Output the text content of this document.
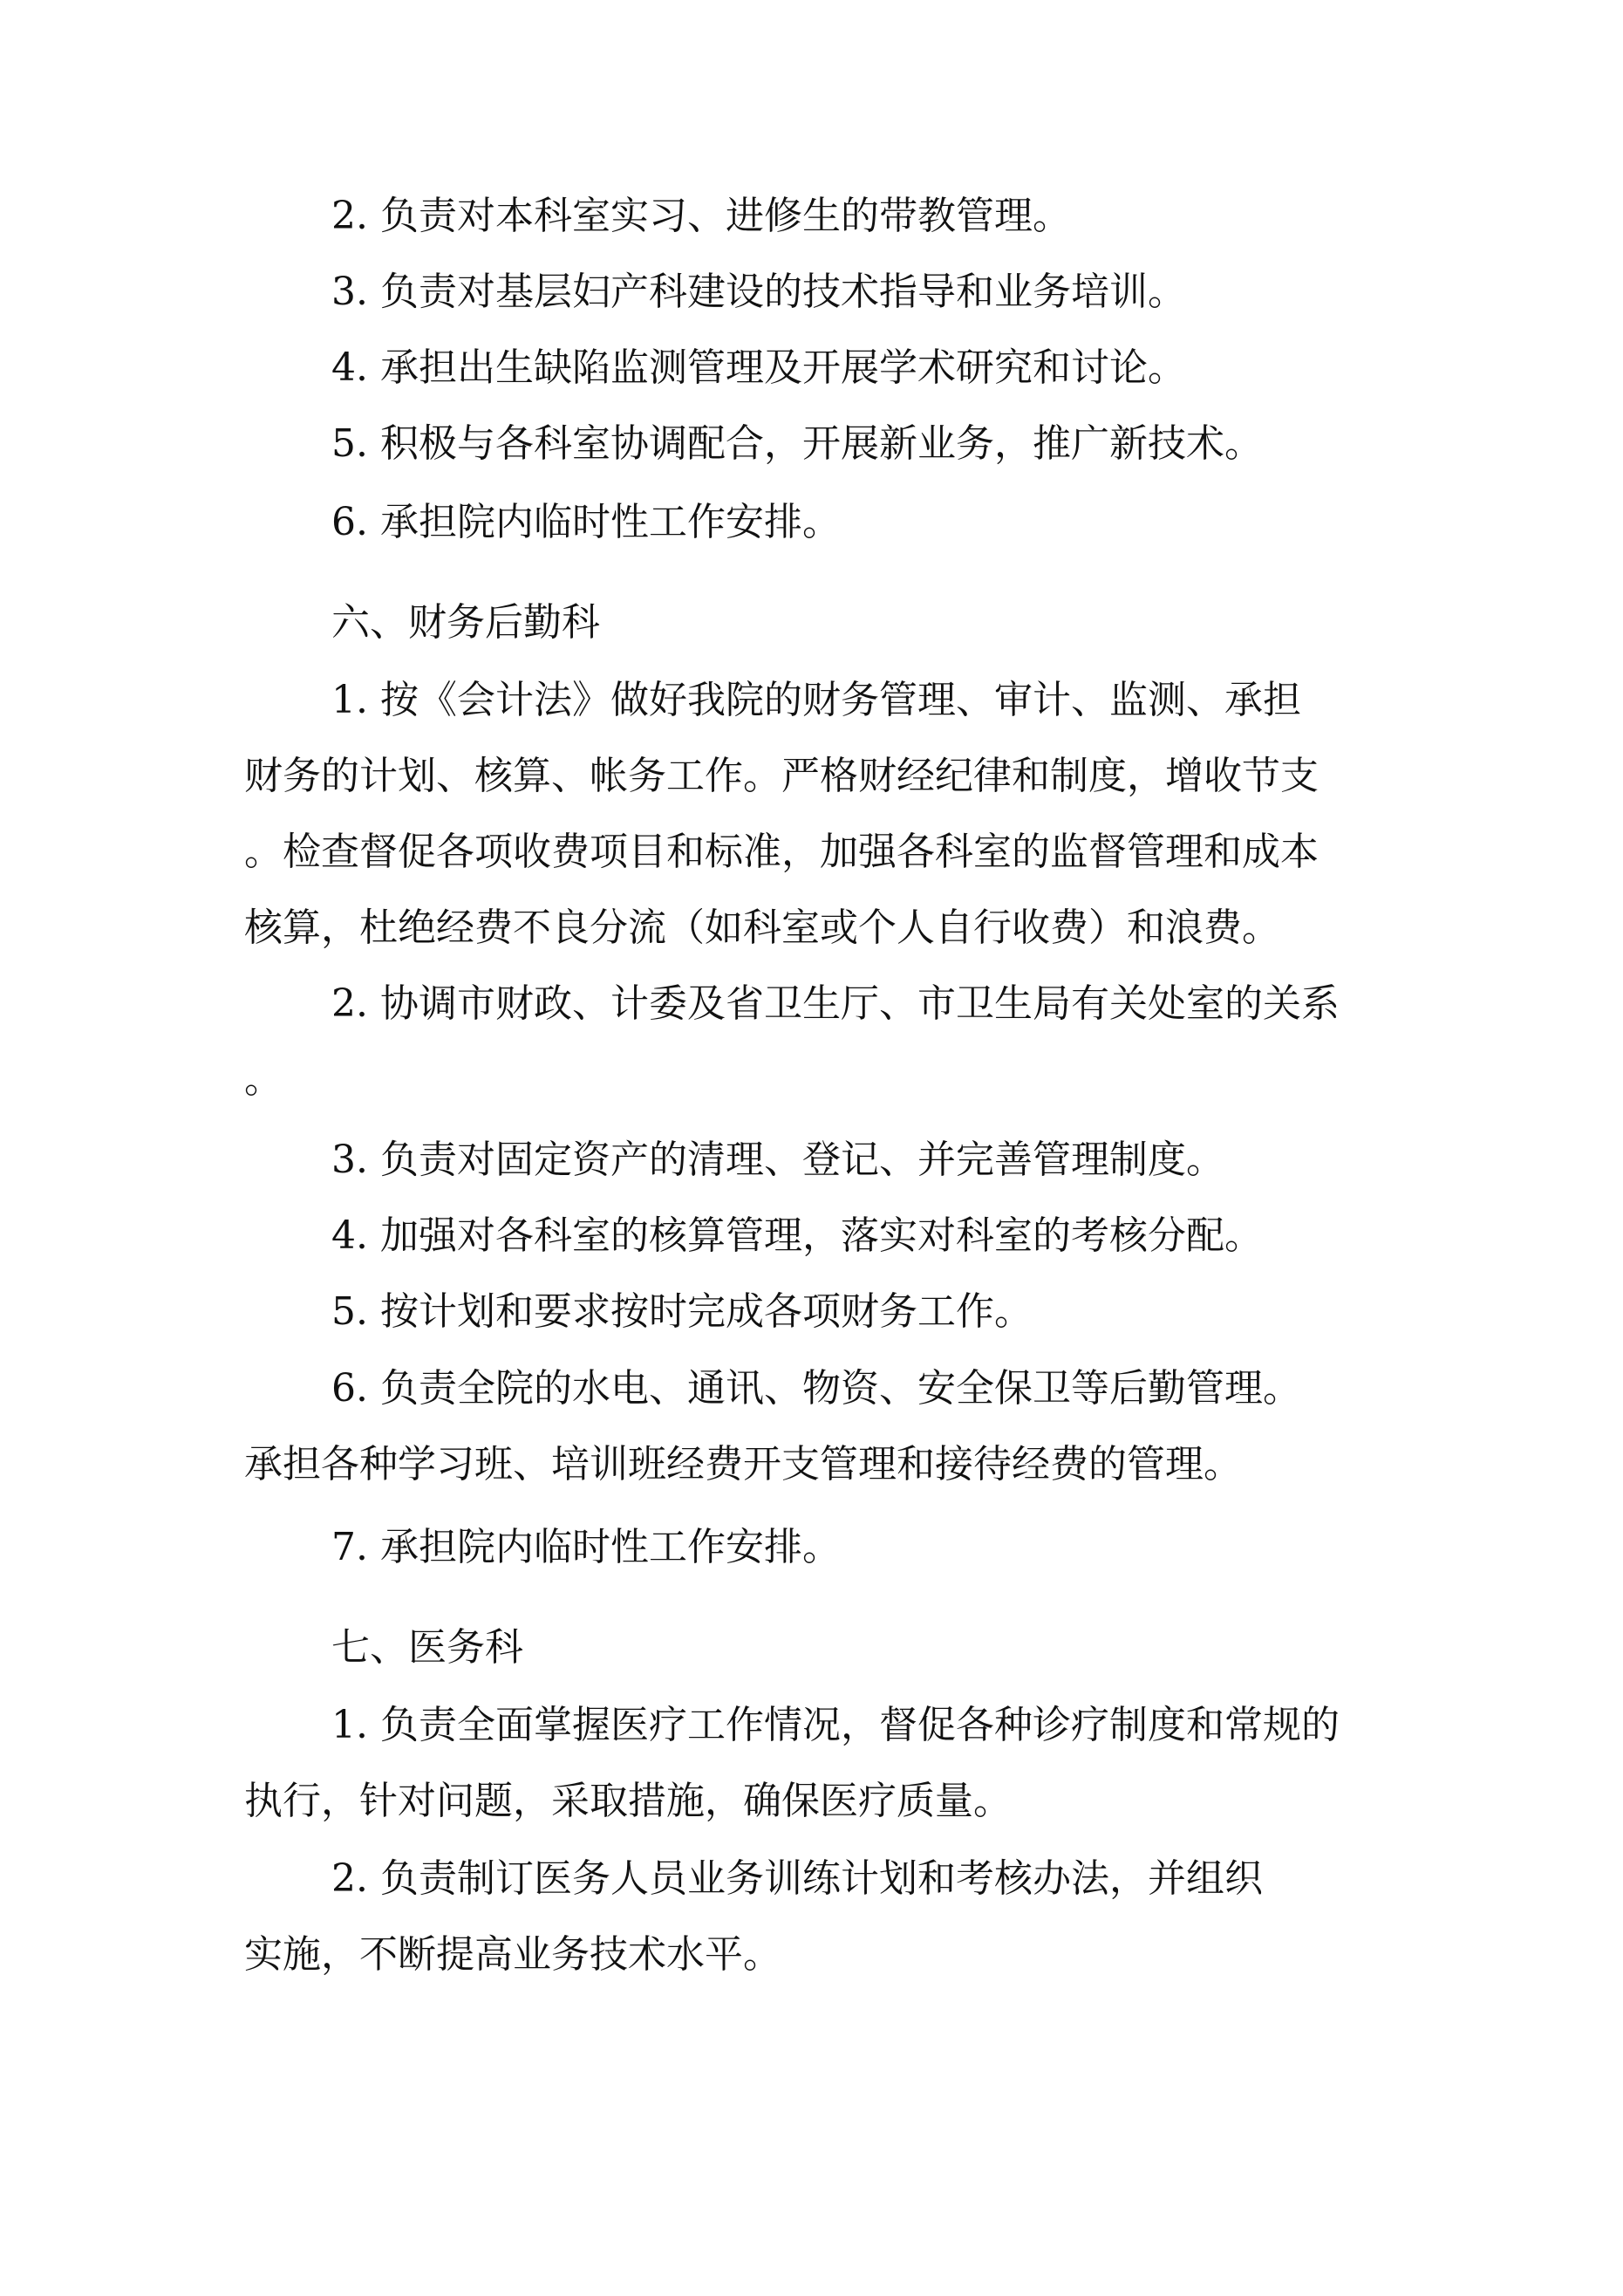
2. 负责对本科室实习、进修生的带教管理。
3. 负责对基层妇产科建设的技术指导和业务培训。
4. 承担出生缺陷监测管理及开展学术研究和讨论。
5. 积极与各科室协调配合，开展新业务，推广新技术。
6. 承担院内临时性工作安排。
六、财务后勤科
1. 按《会计法》做好我院的财务管理、审计、监测、承担
财务的计划、核算、帐务工作。严格财经纪律和制度，增收节支
。检查督促各项收费项目和标准，加强各科室的监督管理和成本
核算，杜绝经费不良分流（如科室或个人自行收费）和浪费。
2. 协调市财政、计委及省卫生厅、市卫生局有关处室的关系
。
3. 负责对固定资产的清理、登记、并完善管理制度。
4. 加强对各科室的核算管理，落实对科室的考核分配。
5. 按计划和要求按时完成各项财务工作。
6. 负责全院的水电、通讯、物资、安全保卫等后勤管理。
承担各种学习班、培训班经费开支管理和接待经费的管理。
7. 承担院内临时性工作安排。
七、医务科
1. 负责全面掌握医疗工作情况，督促各种诊疗制度和常规的
执行，针对问题，采取措施，确保医疗质量。
2. 负责制订医务人员业务训练计划和考核办法，并组织
实施，不断提高业务技术水平。
